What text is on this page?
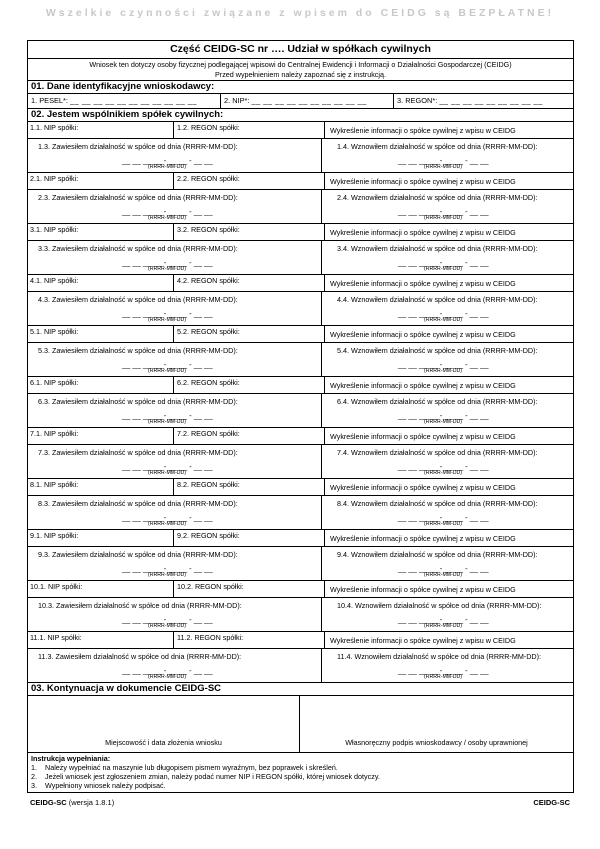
Wszelkie czynności związane z wpisem do CEIDG są BEZPŁATNE!
Część CEIDG-SC nr …. Udział w spółkach cywilnych
Wniosek ten dotyczy osoby fizycznej podlegającej wpisowi do Centralnej Ewidencji i Informacji o Działalności Gospodarczej (CEIDG)
Przed wypełnieniem należy zapoznać się z instrukcją.
01. Dane identyfikacyjne wnioskodawcy:
1. PESEL*: __ __ __ __ __ __ __ __ __ __ __	2. NIP*: __ __ __ __ __ __ __ __ __ __	3. REGON*: __ __ __ __ __ __ __ __ __
02. Jestem wspólnikiem spółek cywilnych:
1.1. NIP spółki:	1.2. REGON spółki:	Wykreślenie informacji o spółce cywilnej z wpisu w CEIDG
1.3. Zawiesiłem działalność w spółce od dnia (RRRR-MM-DD):	1.4. Wznowiłem działalność w spółce od dnia (RRRR-MM-DD):
__ __ __ __ - __ __ - __ __	__ __ __ __ - __ __ - __ __
(RRRR-MM-DD)	(RRRR-MM-DD)
2.1. NIP spółki:	2.2. REGON spółki:	Wykreślenie informacji o spółce cywilnej z wpisu w CEIDG
2.3. Zawiesiłem działalność w spółce od dnia (RRRR-MM-DD):	2.4. Wznowiłem działalność w spółce od dnia (RRRR-MM-DD):
__ __ __ __ - __ __ - __ __	__ __ __ __ - __ __ - __ __
(RRRR-MM-DD)	(RRRR-MM-DD)
3.1. NIP spółki:	3.2. REGON spółki:	Wykreślenie informacji o spółce cywilnej z wpisu w CEIDG
3.3. Zawiesiłem działalność w spółce od dnia (RRRR-MM-DD):	3.4. Wznowiłem działalność w spółce od dnia (RRRR-MM-DD):
__ __ __ __ - __ __ - __ __	__ __ __ __ - __ __ - __ __
(RRRR-MM-DD)	(RRRR-MM-DD)
4.1. NIP spółki:	4.2. REGON spółki:	Wykreślenie informacji o spółce cywilnej z wpisu w CEIDG
4.3. Zawiesiłem działalność w spółce od dnia (RRRR-MM-DD):	4.4. Wznowiłem działalność w spółce od dnia (RRRR-MM-DD):
__ __ __ __ - __ __ - __ __	__ __ __ __ - __ __ - __ __
(RRRR-MM-DD)	(RRRR-MM-DD)
5.1. NIP spółki:	5.2. REGON spółki:	Wykreślenie informacji o spółce cywilnej z wpisu w CEIDG
5.3. Zawiesiłem działalność w spółce od dnia (RRRR-MM-DD):	5.4. Wznowiłem działalność w spółce od dnia (RRRR-MM-DD):
__ __ __ __ - __ __ - __ __	__ __ __ __ - __ __ - __ __
(RRRR-MM-DD)	(RRRR-MM-DD)
6.1. NIP spółki:	6.2. REGON spółki:	Wykreślenie informacji o spółce cywilnej z wpisu w CEIDG
6.3. Zawiesiłem działalność w spółce od dnia (RRRR-MM-DD):	6.4. Wznowiłem działalność w spółce od dnia (RRRR-MM-DD):
__ __ __ __ - __ __ - __ __	__ __ __ __ - __ __ - __ __
(RRRR-MM-DD)	(RRRR-MM-DD)
7.1. NIP spółki:	7.2. REGON spółki:	Wykreślenie informacji o spółce cywilnej z wpisu w CEIDG
7.3. Zawiesiłem działalność w spółce od dnia (RRRR-MM-DD):	7.4. Wznowiłem działalność w spółce od dnia (RRRR-MM-DD):
__ __ __ __ - __ __ - __ __	__ __ __ __ - __ __ - __ __
(RRRR-MM-DD)	(RRRR-MM-DD)
8.1. NIP spółki:	8.2. REGON spółki:	Wykreślenie informacji o spółce cywilnej z wpisu w CEIDG
8.3. Zawiesiłem działalność w spółce od dnia (RRRR-MM-DD):	8.4. Wznowiłem działalność w spółce od dnia (RRRR-MM-DD):
__ __ __ __ - __ __ - __ __	__ __ __ __ - __ __ - __ __
(RRRR-MM-DD)	(RRRR-MM-DD)
9.1. NIP spółki:	9.2. REGON spółki:	Wykreślenie informacji o spółce cywilnej z wpisu w CEIDG
9.3. Zawiesiłem działalność w spółce od dnia (RRRR-MM-DD):	9.4. Wznowiłem działalność w spółce od dnia (RRRR-MM-DD):
__ __ __ __ - __ __ - __ __	__ __ __ __ - __ __ - __ __
(RRRR-MM-DD)	(RRRR-MM-DD)
10.1. NIP spółki:	10.2. REGON spółki:	Wykreślenie informacji o spółce cywilnej z wpisu w CEIDG
10.3. Zawiesiłem działalność w spółce od dnia (RRRR-MM-DD):	10.4. Wznowiłem działalność w spółce od dnia (RRRR-MM-DD):
__ __ __ __ - __ __ - __ __	__ __ __ __ - __ __ - __ __
(RRRR-MM-DD)	(RRRR-MM-DD)
11.1. NIP spółki:	11.2. REGON spółki:	Wykreślenie informacji o spółce cywilnej z wpisu w CEIDG
11.3. Zawiesiłem działalność w spółce od dnia (RRRR-MM-DD):	11.4. Wznowiłem działalność w spółce od dnia (RRRR-MM-DD):
__ __ __ __ - __ __ - __ __	__ __ __ __ - __ __ - __ __
(RRRR-MM-DD)	(RRRR-MM-DD)
03. Kontynuacja w dokumencie CEIDG-SC
Miejscowość i data złożenia wniosku	Własnoręczny podpis wnioskodawcy / osoby uprawnionej
Instrukcja wypełniania:
1. Należy wypełniać na maszynie lub długopisem pismem wyraźnym, bez poprawek i skreśleń.
2. Jeżeli wniosek jest zgłoszeniem zmian, należy podać numer NIP i REGON spółki, której wniosek dotyczy.
3. Wypełniony wniosek należy podpisać.
CEIDG-SC (wersja 1.8.1)	CEIDG-SC
